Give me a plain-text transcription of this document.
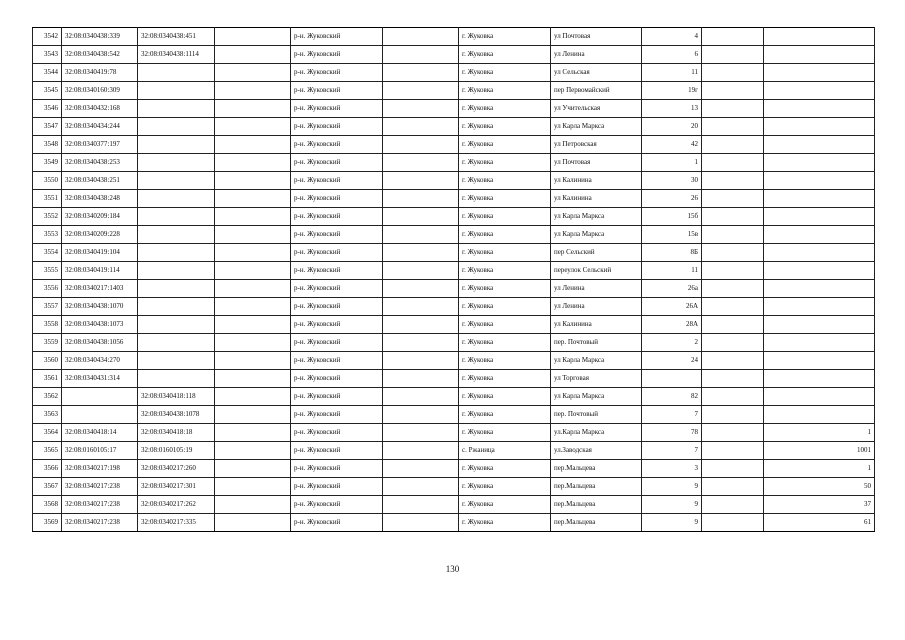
3542	32:08:0340438:339	32:08:0340438:451		р-н. Жуковский		г. Жуковка	ул Почтовая	4		
3543	32:08:0340438:542	32:08:0340438:1114		р-н. Жуковский		г. Жуковка	ул Ленина	6		
3544	32:08:0340419:78			р-н. Жуковский		г. Жуковка	ул Сельская	11		
3545	32:08:0340160:309			р-н. Жуковский		г. Жуковка	пер Первомайский	19г		
3546	32:08:0340432:168			р-н. Жуковский		г. Жуковка	ул Учительская	13		
3547	32:08:0340434:244			р-н. Жуковский		г. Жуковка	ул Карла Маркса	20		
3548	32:08:0340377:197			р-н. Жуковский		г. Жуковка	ул Петровская	42		
3549	32:08:0340438:253			р-н. Жуковский		г. Жуковка	ул Почтовая	1		
3550	32:08:0340438:251			р-н. Жуковский		г. Жуковка	ул Калинина	30		
3551	32:08:0340438:248			р-н. Жуковский		г. Жуковка	ул Калинина	26		
3552	32:08:0340209:184			р-н. Жуковский		г. Жуковка	ул Карла Маркса	15б		
3553	32:08:0340209:228			р-н. Жуковский		г. Жуковка	ул Карла Маркса	15в		
3554	32:08:0340419:104			р-н. Жуковский		г. Жуковка	пер Сельский	8Б		
3555	32:08:0340419:114			р-н. Жуковский		г. Жуковка	переулок Сельский	11		
3556	32:08:0340217:1403			р-н. Жуковский		г. Жуковка	ул Ленина	26а		
3557	32:08:0340438:1070			р-н. Жуковский		г. Жуковка	ул Ленина	26А		
3558	32:08:0340438:1073			р-н. Жуковский		г. Жуковка	ул Калинина	28А		
3559	32:08:0340438:1056			р-н. Жуковский		г. Жуковка	пер. Почтовый	2		
3560	32:08:0340434:270			р-н. Жуковский		г. Жуковка	ул Карла Маркса	24		
3561	32:08:0340431:314			р-н. Жуковский		г. Жуковка	ул Торговая			
3562		32:08:0340418:118		р-н. Жуковский		г. Жуковка	ул Карла Маркса	82		
3563		32:08:0340438:1078		р-н. Жуковский		г. Жуковка	пер. Почтовый	7		
3564	32:08:0340418:14	32:08:0340418:18		р-н. Жуковский		г. Жуковка	ул.Карла Маркса	78		1
3565	32:08:0160105:17	32:08:0160105:19		р-н. Жуковский		с. Ржаница	ул.Заводская	7		1001
3566	32:08:0340217:198	32:08:0340217:260		р-н. Жуковский		г. Жуковка	пер.Мальцева	3		1
3567	32:08:0340217:238	32:08:0340217:301		р-н. Жуковский		г. Жуковка	пер.Мальцева	9		50
3568	32:08:0340217:238	32:08:0340217:262		р-н. Жуковский		г. Жуковка	пер.Мальцева	9		37
3569	32:08:0340217:238	32:08:0340217:335		р-н. Жуковский		г. Жуковка	пер.Мальцева	9		61
130
